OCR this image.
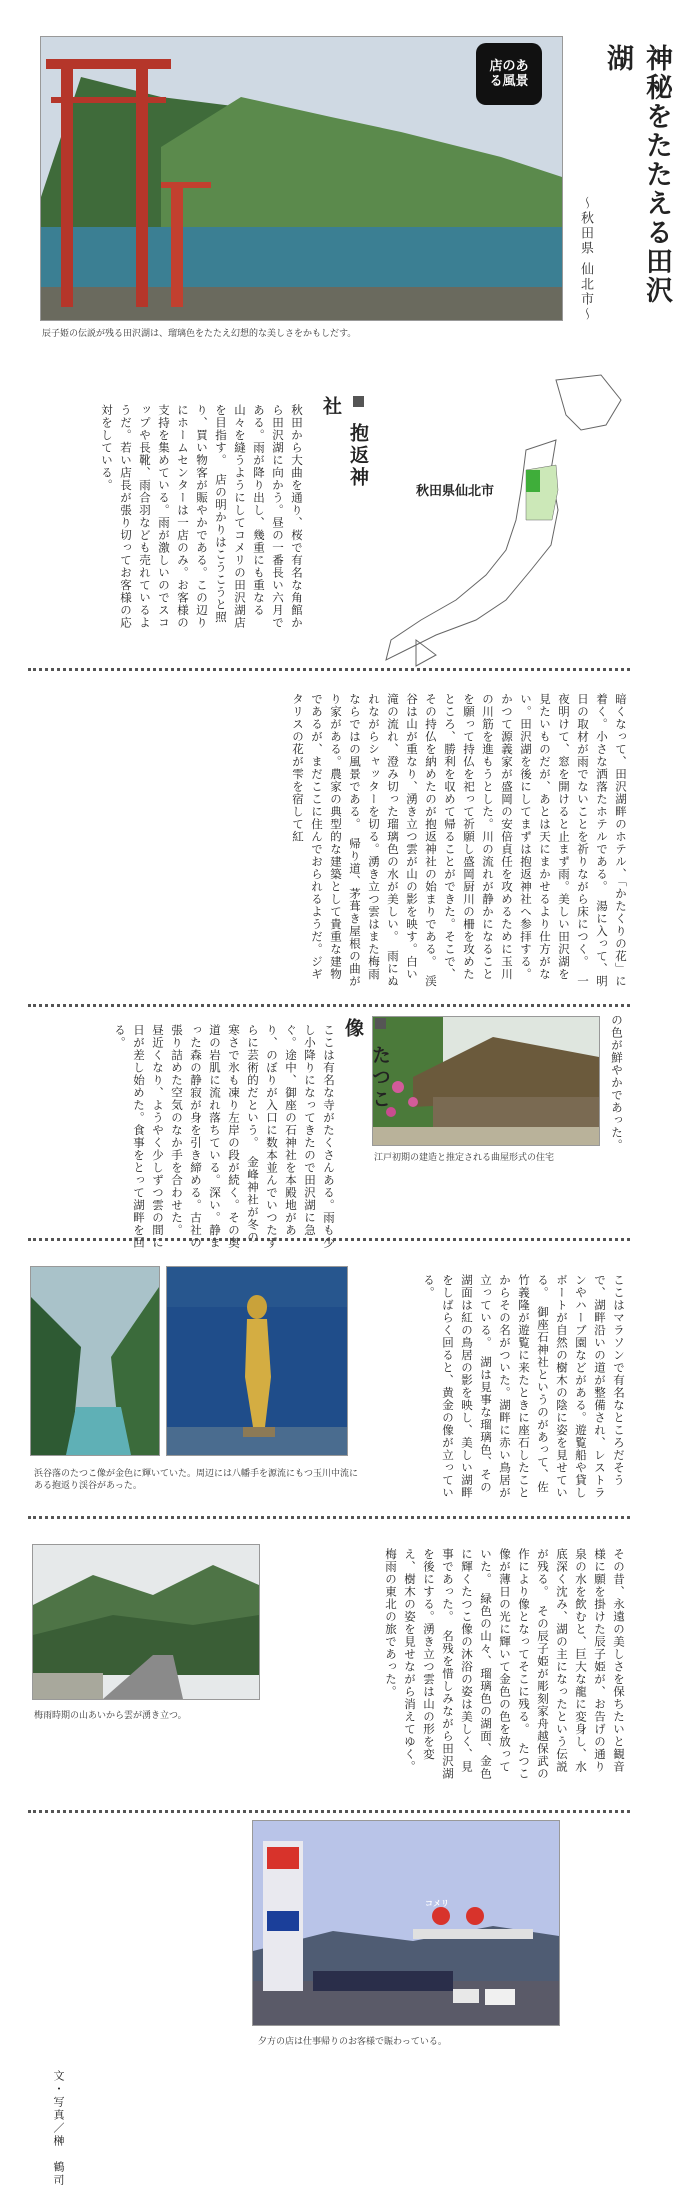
店のある風景	神秘をたたえる田沢湖
〜秋田県 仙北市〜
辰子姫の伝説が残る田沢湖は、瑠璃色をたたえ幻想的な美しさをかもしだす。
秋田県仙北市
抱返神社
秋田から大曲を通り、桜で有名な角館から田沢湖に向かう。昼の一番長い六月である。雨が降り出し、幾重にも重なる山々を縫うようにしてコメリの田沢湖店を目指す。　店の明かりはこうこうと照り、買い物客が賑やかである。この辺りにホームセンターは一店のみ。お客様の支持を集めている。雨が激しいのでスコップや長靴、雨合羽なども売れているようだ。若い店長が張り切ってお客様の応対をしている。
暗くなって、田沢湖畔のホテル、「かたくりの花」に着く。小さな洒落たホテルである。　湯に入って、明日の取材が雨でないことを祈りながら床につく。　一夜明けて、窓を開けると止まず雨。美しい田沢湖を見たいものだが、あとは天にまかせるより仕方がない。田沢湖を後にしてまずは抱返神社へ参拝する。　かつて源義家が盛岡の安倍貞任を攻めるために玉川の川筋を進もうとした。川の流れが静かになることを願って持仏を祀って祈願し盛岡厨川の柵を攻めたところ、勝利を収めて帰ることができた。そこで、その持仏を納めたのが抱返神社の始まりである。　渓谷は山が重なり、湧き立つ雲が山の影を映す。白い滝の流れ、澄み切った瑠璃色の水が美しい。　雨にぬれながらシャッターを切る。湧き立つ雲はまた梅雨ならではの風景である。　帰り道、茅葺き屋根の曲がり家がある。農家の典型的な建築として貴重な建物であるが、まだここに住んでおられるようだ。ジギタリスの花が雫を宿して紅
の色が鮮やかであった。
江戸初期の建造と推定される曲屋形式の住宅
たつこ像
ここは有名な寺がたくさんある。雨も少し小降りになってきたので田沢湖に急ぐ。途中、御座の石神社を本殿地があり、のぼりが入口に数本並んでいつたずらに芸術的だという。　金峰神社が冬の寒さで氷も凍り左岸の段が続く。その奥道の岩肌に流れ落ちている。深い。静まった森の静寂が身を引き締める。古社の張り詰めた空気のなか手を合わせた。　昼近くなり、ようやく少しずつ雲の間に日が差し始めた。食事をとって湖畔を回る。
浜谷落のたつこ像が金色に輝いていた。周辺には八幡手を源流にもつ玉川中流にある抱返り渓谷があった。	ここはマラソンで有名なところだそうで、湖畔沿いの道が整備され、レストランやハーブ園などがある。遊覧船や貸しボートが自然の樹木の陰に姿を見せている。　御座石神社というのがあって、佐竹義隆が遊覧に来たときに座石したことからその名がついた。湖畔に赤い鳥居が立っている。　湖は見事な瑠璃色、その湖面は紅の鳥居の影を映し、美しい湖畔をしばらく回ると、黄金の像が立っている。
梅雨時期の山あいから雲が湧き立つ。	その昔、永遠の美しさを保ちたいと観音様に願を掛けた辰子姫が、お告げの通り泉の水を飲むと、巨大な龍に変身し、水底深く沈み、湖の主になったという伝説が残る。　その辰子姫が彫刻家舟越保武の作により像となってそこに残る。　たつこ像が薄日の光に輝いて金色の色を放っていた。　緑色の山々、瑠璃色の湖面、金色に輝くたつこ像の沐浴の姿は美しく、見事であった。　名残を惜しみながら田沢湖を後にする。湧き立つ雲は山の形を変え、樹木の姿を見せながら消えてゆく。梅雨の東北の旅であった。
コメリ
夕方の店は仕事帰りのお客様で賑わっている。
文・写真／榊　鶴司
